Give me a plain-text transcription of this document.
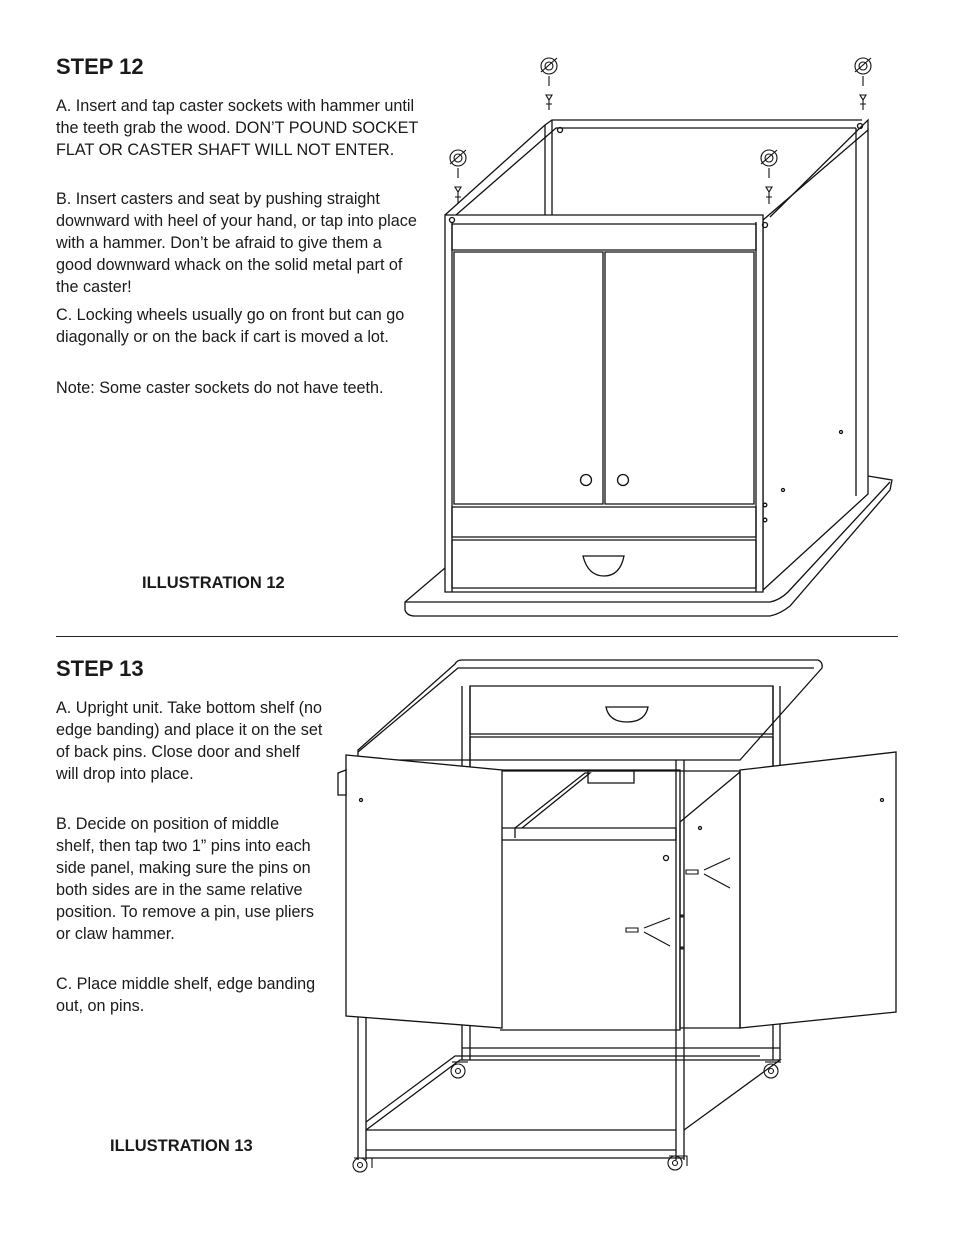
STEP 12

A. Insert and tap caster sockets with hammer until the teeth grab the wood. DON’T POUND SOCKET FLAT OR CASTER SHAFT WILL NOT ENTER.

B. Insert casters and seat by pushing straight downward with heel of your hand, or tap into place with a hammer. Don’t be afraid to give them a good downward whack on the solid metal part of the caster!

C. Locking wheels usually go on front but can go diagonally or on the back if cart is moved a lot.

Note: Some caster sockets do not have teeth.

ILLUSTRATION 12

STEP 13

A. Upright unit. Take bottom shelf (no edge banding) and place it on the set of back pins. Close door and shelf will drop into place.

B. Decide on position of middle shelf, then tap two 1” pins into each side panel, making sure the pins on both sides are in the same relative position. To remove a pin, use pliers or claw hammer.

C. Place middle shelf, edge banding out, on pins.

ILLUSTRATION 13
